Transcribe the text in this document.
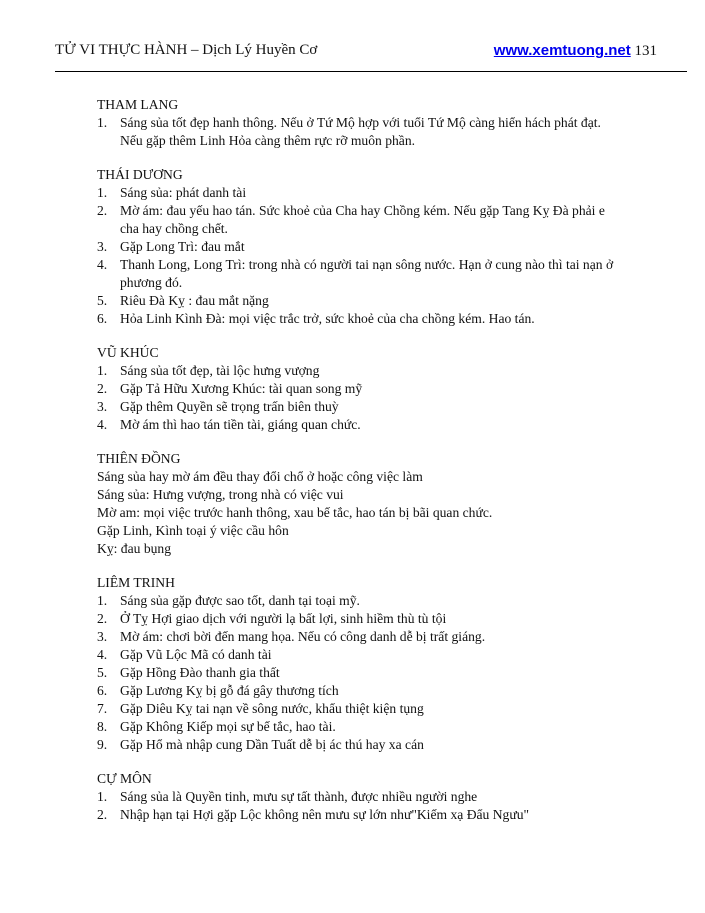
TỬ VI THỰC HÀNH – Dịch Lý Huyền Cơ	www.xemtuong.net 131
THAM LANG
1. Sáng sủa tốt đẹp hanh thông. Nếu ở Tứ Mộ hợp với tuổi Tứ Mộ càng hiển hách phát đạt.
Nếu gặp thêm Linh Hỏa càng thêm rực rỡ muôn phần.
THÁI DƯƠNG
1. Sáng sủa: phát danh tài
2. Mờ ám: đau yếu hao tán. Sức khoẻ của Cha hay Chồng kém. Nếu gặp Tang Kỵ Đà phải e
cha hay chồng chết.
3. Gặp Long Trì: đau mắt
4. Thanh Long, Long Trì: trong nhà có người tai nạn sông nước. Hạn ở cung nào thì tai nạn ở
phương đó.
5. Riêu Đà Kỵ : đau mắt nặng
6. Hỏa Linh Kình Đà: mọi việc trắc trở, sức khoẻ của cha chồng kém. Hao tán.
VŨ KHÚC
1. Sáng sủa tốt đẹp, tài lộc hưng vượng
2. Gặp Tả Hữu Xương Khúc: tài quan song mỹ
3. Gặp thêm Quyền sẽ trọng trấn biên thuỳ
4. Mờ ám thì hao tán tiền tài, giáng quan chức.
THIÊN ĐỒNG

Sáng sủa hay mờ ám đều thay đổi chổ ở hoặc công việc làm

Sáng sủa: Hưng vượng, trong nhà có việc vui

Mờ am: mọi việc trước hanh thông, xau bế tắc, hao tán bị bãi quan chức.

Gặp Linh, Kình toại ý việc cầu hôn

Kỵ: đau bụng

LIÊM TRINH
1. Sáng sủa gặp được sao tốt, danh tại toại mỹ.
2. Ở Tỵ Hợi giao dịch với người lạ bất lợi, sinh hiềm thù tù tội
3. Mờ ám: chơi bời đến mang họa. Nếu có công danh dễ bị trất giáng.
4. Gặp Vũ Lộc Mã có danh tài
5. Gặp Hồng Đào thanh gia thất
6. Gặp Lương Kỵ bị gỗ đá gây thương tích
7. Gặp Diêu Kỵ tai nạn về sông nước, khẩu thiệt kiện tụng
8. Gặp Không Kiếp mọi sự bế tắc, hao tài.
9. Gặp Hổ mà nhập cung Dần Tuất dễ bị ác thú hay xa cán
CỰ MÔN
1. Sáng sủa là Quyền tinh, mưu sự tất thành, được nhiều người nghe
2. Nhập hạn tại Hợi gặp Lộc không nên mưu sự lớn như"Kiếm xạ Đẩu Ngưu"
